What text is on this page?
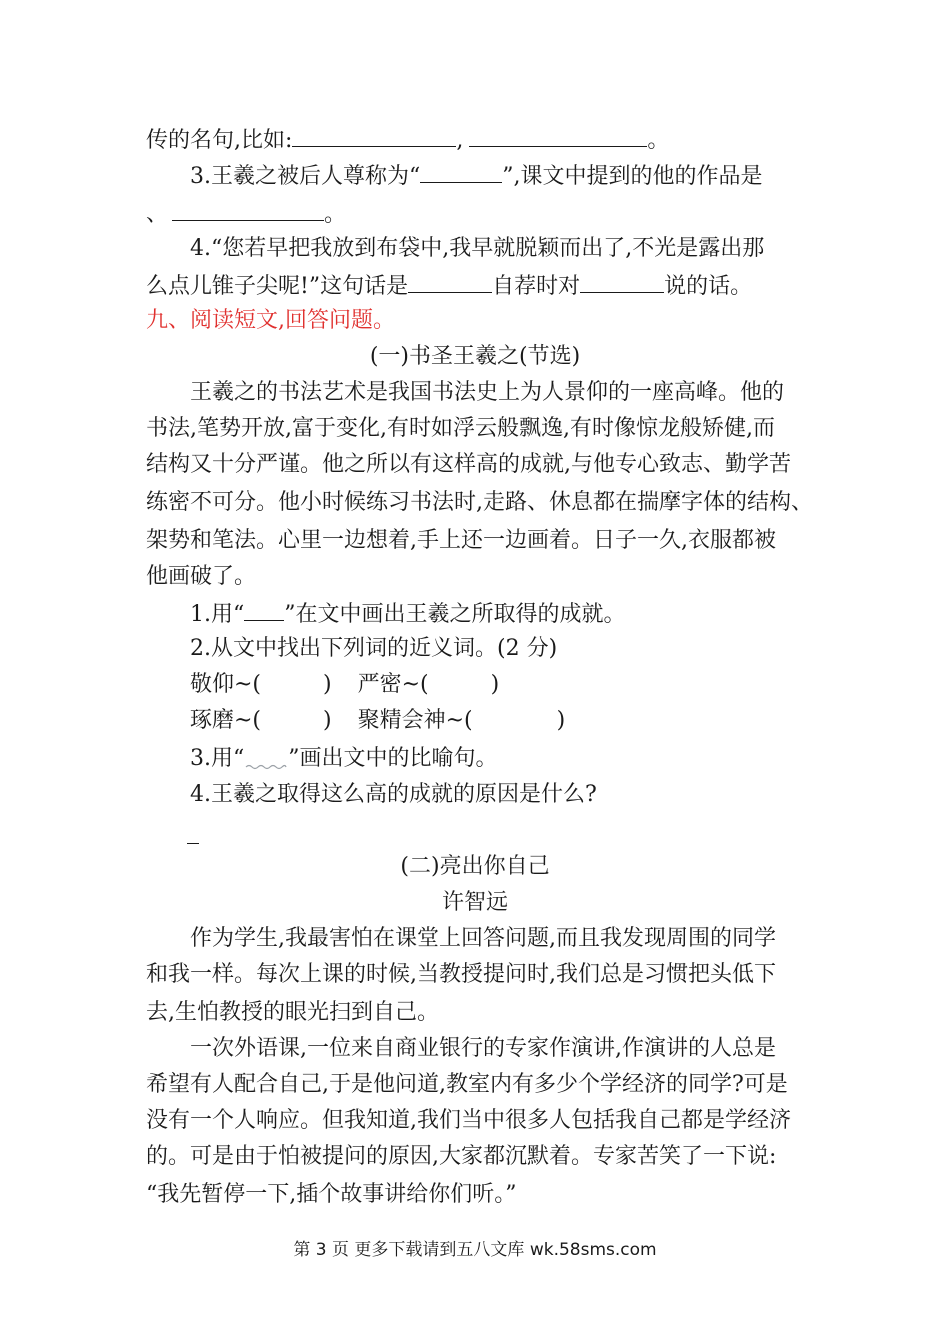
传的名句,比如:	,	。
3.王羲之被后人尊称为“	”,课文中提到的他的作品是
、	。
4.“您若早把我放到布袋中,我早就脱颖而出了,不光是露出那
么点儿锥子尖呢!”这句话是	自荐时对	说的话。
九、阅读短文,回答问题。
(一)书圣王羲之(节选)
王羲之的书法艺术是我国书法史上为人景仰的一座高峰。他的
书法,笔势开放,富于变化,有时如浮云般飘逸,有时像惊龙般矫健,而
结构又十分严谨。他之所以有这样高的成就,与他专心致志、勤学苦
练密不可分。他小时候练习书法时,走路、休息都在揣摩字体的结构、
架势和笔法。心里一边想着,手上还一边画着。日子一久,衣服都被
他画破了。
1.用“ ”在文中画出王羲之所取得的成就。
2.从文中找出下列词的近义词。(2 分)
敬仰~(	) 严密~(	)
琢磨~(	) 聚精会神~(	)
3.用“ ”画出文中的比喻句。
4.王羲之取得这么高的成就的原因是什么?
(二)亮出你自己
许智远
作为学生,我最害怕在课堂上回答问题,而且我发现周围的同学
和我一样。每次上课的时候,当教授提问时,我们总是习惯把头低下
去,生怕教授的眼光扫到自己。
一次外语课,一位来自商业银行的专家作演讲,作演讲的人总是
希望有人配合自己,于是他问道,教室内有多少个学经济的同学?可是
没有一个人响应。但我知道,我们当中很多人包括我自己都是学经济
的。可是由于怕被提问的原因,大家都沉默着。专家苦笑了一下说:
“我先暂停一下,插个故事讲给你们听。”
第 3 页 更多下载请到五八文库 wk.58sms.com
